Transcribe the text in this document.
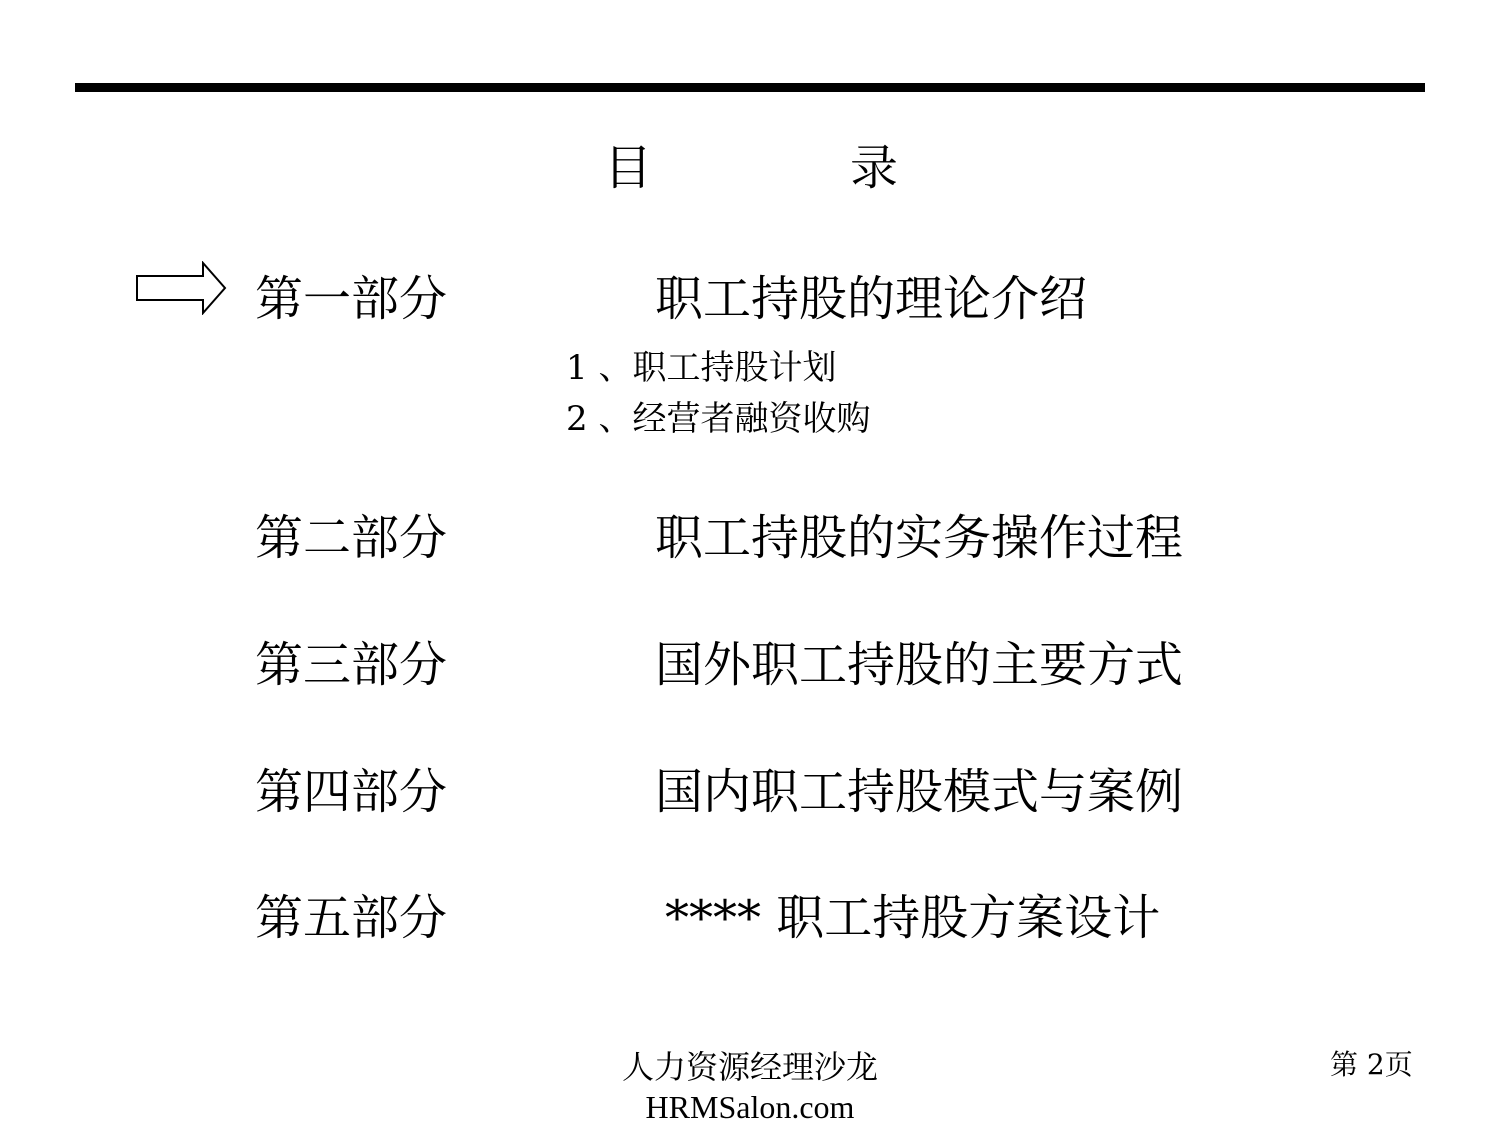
目	录
第一部分	职工持股的理论介绍
1 、职工持股计划
2 、经营者融资收购
第二部分	职工持股的实务操作过程
第三部分	国外职工持股的主要方式
第四部分	国内职工持股模式与案例
第五部分	**** 职工持股方案设计
人力资源经理沙龙
HRMSalon.com
第 2页
